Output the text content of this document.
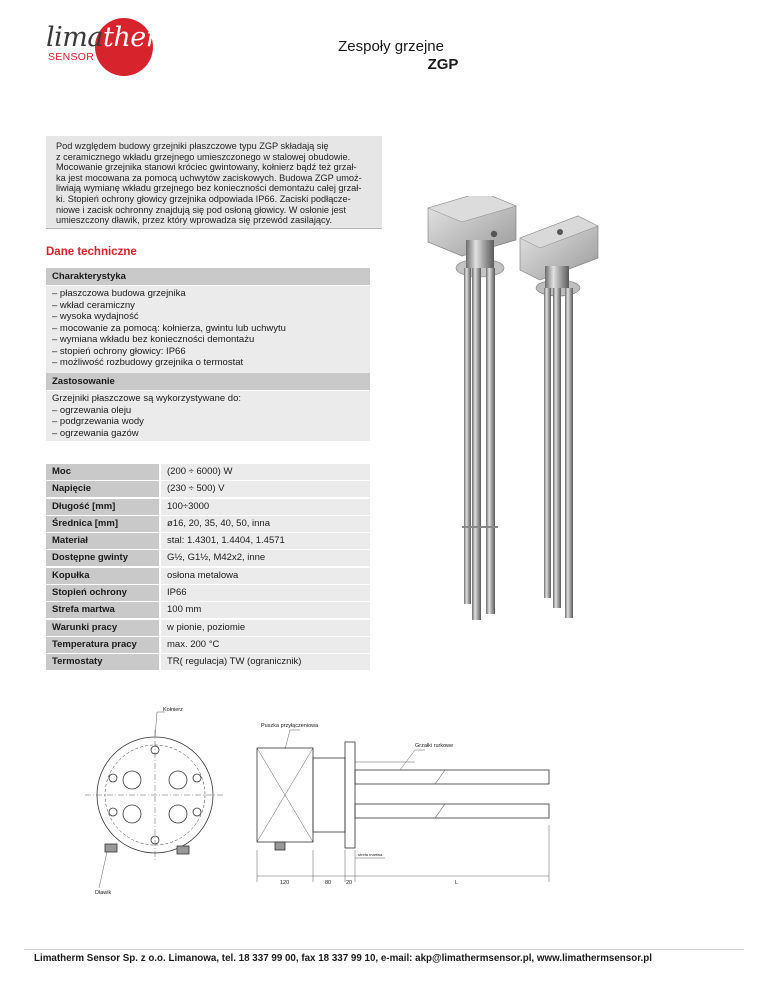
limatherm
SENSOR
Zespoły grzejne
ZGP
Pod względem budowy grzejniki płaszczowe typu ZGP składają się
z ceramicznego wkładu grzejnego umieszczonego w stalowej obudowie.
Mocowanie grzejnika stanowi króciec gwintowany, kołnierz bądź też grzał-
ka jest mocowana za pomocą uchwytów zaciskowych. Budowa ZGP umoż-
liwiają wymianę wkładu grzejnego bez konieczności demontażu całej grzał-
ki. Stopień ochrony głowicy grzejnika odpowiada IP66. Zaciski podłącze-
niowe i zacisk ochronny znajdują się pod osłoną głowicy. W osłonie jest
umieszczony dławik, przez który wprowadza się przewód zasilający.
Dane techniczne
Charakterystyka
– płaszczowa budowa grzejnika
– wkład ceramiczny
– wysoka wydajność
– mocowanie za pomocą: kołnierza, gwintu lub uchwytu
– wymiana wkładu bez konieczności demontażu
– stopień ochrony głowicy: IP66
– możliwość rozbudowy grzejnika o termostat
Zastosowanie
Grzejniki płaszczowe są wykorzystywane do:
– ogrzewania oleju
– podgrzewania wody
– ogrzewania gazów
Moc	(200 ÷ 6000) W
Napięcie	(230 ÷ 500) V
Długość [mm]	100÷3000
Średnica [mm]	ø16, 20, 35, 40, 50, inna
Materiał	stal: 1.4301, 1.4404, 1.4571
Dostępne gwinty	G½, G1½, M42x2, inne
Kopułka	osłona metalowa
Stopień ochrony	IP66
Strefa martwa	100 mm
Warunki pracy	w pionie, poziomie
Temperatura pracy	max. 200 °C
Termostaty	TR( regulacja) TW (ogranicznik)
Kołnierz
Dławik
Puszka przyłączeniowa
Grzałki rurkowe
strefa martwa
120	80	20	L
Limatherm Sensor Sp. z o.o. Limanowa, tel. 18 337 99 00, fax 18 337 99 10, e-mail: akp@limathermsensor.pl, www.limathermsensor.pl
